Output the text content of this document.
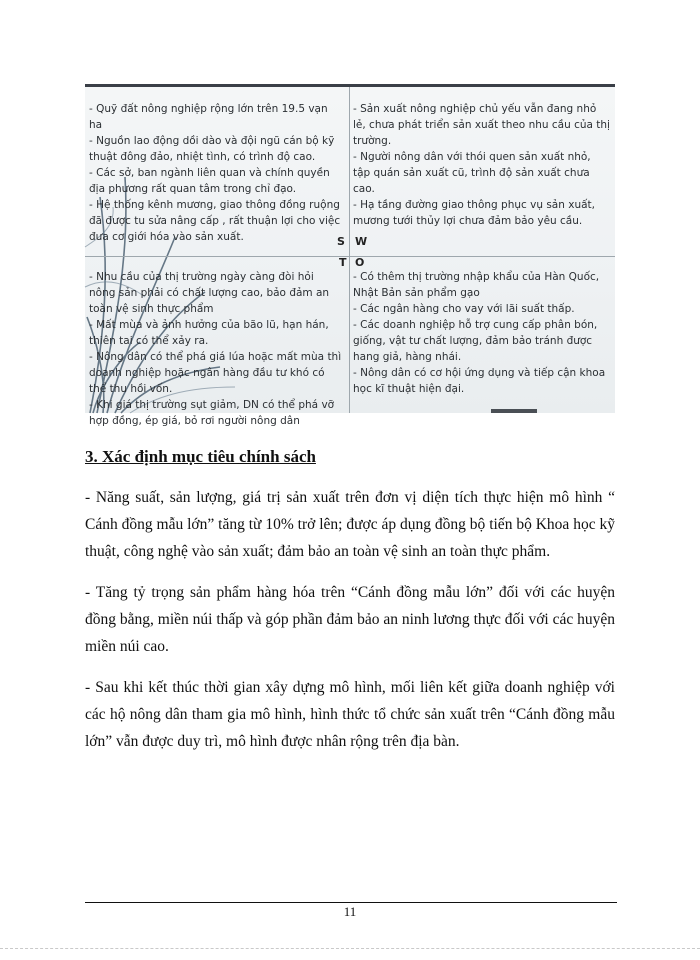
- Quỹ đất nông nghiệp rộng lớn trên 19.5 vạn ha
- Nguồn lao động dồi dào và đội ngũ cán bộ kỹ thuật đông đảo, nhiệt tình, có trình độ cao.
- Các sở, ban ngành liên quan và chính quyền địa phương rất quan tâm trong chỉ đạo.
- Hệ thống kênh mương, giao thông đồng ruộng đã được tu sửa nâng cấp , rất thuận lợi cho việc đưa cơ giới hóa vào sản xuất.
- Sản xuất nông nghiệp chủ yếu vẫn đang nhỏ lẻ, chưa phát triển sản xuất theo nhu cầu của thị trường.
- Người nông dân với thói quen sản xuất nhỏ, tập quán sản xuất cũ, trình độ sản xuất chưa cao.
- Hạ tầng đường giao thông phục vụ sản xuất, mương tưới thủy lợi chưa đảm bảo yêu cầu.
- Nhu cầu của thị trường ngày càng đòi hỏi nông sản phải có chất lượng cao, bảo đảm an toàn vệ sinh thực phẩm
- Mất mùa và ảnh hưởng của bão lũ, hạn hán, thiên tai có thể xảy ra.
- Nông dân có thể phá giá lúa hoặc mất mùa thì doanh nghiệp hoặc ngân hàng đầu tư khó có thể thu hồi vốn.
- Khi giá thị trường sụt giảm, DN có thể phá vỡ hợp đồng, ép giá, bỏ rơi người nông dân
- Có thêm thị trường nhập khẩu của Hàn Quốc, Nhật Bản sản phẩm gạo
- Các ngân hàng cho vay với lãi suất thấp.
- Các doanh nghiệp hỗ trợ cung cấp phân bón, giống, vật tư chất lượng, đảm bảo tránh được hang giả, hàng nhái.
- Nông dân có cơ hội ứng dụng và tiếp cận khoa học kĩ thuật hiện đại.
S W
T O
3. Xác định mục tiêu chính sách

- Năng suất, sản lượng, giá trị sản xuất trên đơn vị diện tích thực hiện mô hình “ Cánh đồng mẫu lớn” tăng từ 10% trở lên; được áp dụng đồng bộ tiến bộ Khoa học kỹ thuật, công nghệ vào sản xuất; đảm bảo an toàn vệ sinh an toàn thực phẩm.

- Tăng tỷ trọng sản phẩm hàng hóa trên “Cánh đồng mẫu lớn” đối với các huyện đồng bằng, miền núi thấp và góp phần đảm bảo an ninh lương thực đối với các huyện miền núi cao.

- Sau khi kết thúc thời gian xây dựng mô hình, mối liên kết giữa doanh nghiệp với các hộ nông dân tham gia mô hình, hình thức tổ chức sản xuất trên “Cánh đồng mẫu lớn” vẫn được duy trì, mô hình được nhân rộng trên địa bàn.

11
